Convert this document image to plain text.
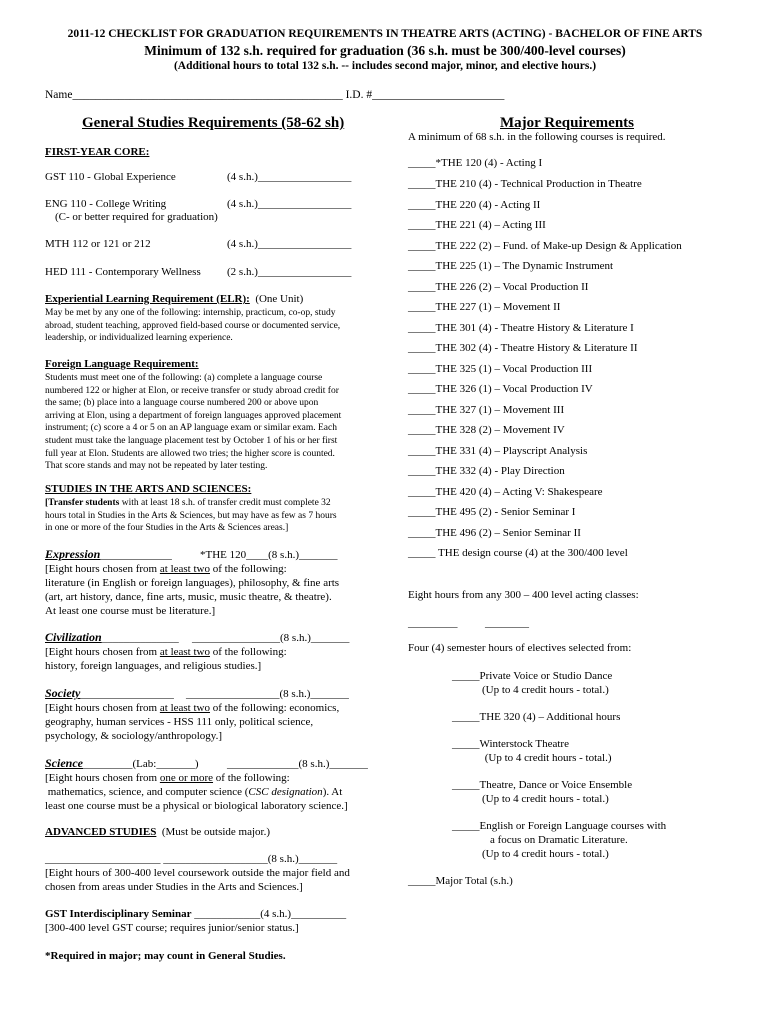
2011-12 CHECKLIST FOR GRADUATION REQUIREMENTS IN THEATRE ARTS (ACTING) - BACHELOR OF FINE ARTS
Minimum of 132 s.h. required for graduation (36 s.h. must be 300/400-level courses)
(Additional hours to total 132 s.h. -- includes second major, minor, and elective hours.)
Name_______________________________________________ I.D. #_______________________
General Studies Requirements (58-62 sh)
FIRST-YEAR CORE:
GST 110 - Global Experience	(4 s.h.)_________________
ENG 110 - College Writing	(4 s.h.)_________________
(C- or better required for graduation)
MTH 112 or 121 or 212	(4 s.h.)_________________
HED 111 - Contemporary Wellness (2 s.h.)_________________
Experiential Learning Requirement (ELR): (One Unit)
May be met by any one of the following: internship, practicum, co-op, study
abroad, student teaching, approved field-based course or documented service,
leadership, or individualized learning experience.
Foreign Language Requirement:
Students must meet one of the following: (a) complete a language course
numbered 122 or higher at Elon, or receive transfer or study abroad credit for
the same; (b) place into a language course numbered 200 or above upon
arriving at Elon, using a department of foreign languages approved placement
instrument; (c) score a 4 or 5 on an AP language exam or similar exam. Each
student must take the language placement test by October 1 of his or her first
full year at Elon. Students are allowed two tries; the higher score is counted.
That score stands and may not be repeated by later testing.
STUDIES IN THE ARTS AND SCIENCES:
[Transfer students with at least 18 s.h. of transfer credit must complete 32
hours total in Studies in the Arts & Sciences, but may have as few as 7 hours
in one or more of the four Studies in the Arts & Sciences areas.]
Expression_____________	*THE 120____(8 s.h.)_______
[Eight hours chosen from at least two of the following:
literature (in English or foreign languages), philosophy, & fine arts
(art, art history, dance, fine arts, music, music theatre, & theatre).
At least one course must be literature.]
Civilization______________ ________________(8 s.h.)_______
[Eight hours chosen from at least two of the following:
history, foreign languages, and religious studies.]
Society_________________ _________________(8 s.h.)_______
[Eight hours chosen from at least two of the following: economics,
geography, human services - HSS 111 only, political science,
psychology, & sociology/anthropology.]
Science_________(Lab:_______)	_____________(8 s.h.)_______
[Eight hours chosen from one or more of the following:
mathematics, science, and computer science (CSC designation). At
least one course must be a physical or biological laboratory science.]
ADVANCED STUDIES (Must be outside major.)
_____________________ ___________________(8 s.h.)_______
[Eight hours of 300-400 level coursework outside the major field and
chosen from areas under Studies in the Arts and Sciences.]
GST Interdisciplinary Seminar ____________(4 s.h.)__________
[300-400 level GST course; requires junior/senior status.]
*Required in major; may count in General Studies.
Major Requirements
A minimum of 68 s.h. in the following courses is required.
_____*THE 120 (4) - Acting I
_____THE 210 (4) - Technical Production in Theatre
_____THE 220 (4) - Acting II
_____THE 221 (4) – Acting III
_____THE 222 (2) – Fund. of Make-up Design & Application
_____THE 225 (1) – The Dynamic Instrument
_____THE 226 (2) – Vocal Production II
_____THE 227 (1) – Movement II
_____THE 301 (4) - Theatre History & Literature I
_____THE 302 (4) - Theatre History & Literature II
_____THE 325 (1) – Vocal Production III
_____THE 326 (1) – Vocal Production IV
_____THE 327 (1) – Movement III
_____THE 328 (2) – Movement IV
_____THE 331 (4) – Playscript Analysis
_____THE 332 (4) - Play Direction
_____THE 420 (4) – Acting V: Shakespeare
_____THE 495 (2) - Senior Seminar I
_____THE 496 (2) – Senior Seminar II
_____ THE design course (4) at the 300/400 level
Eight hours from any 300 – 400 level acting classes:
_________          ________
Four (4) semester hours of electives selected from:
_____Private Voice or Studio Dance
(Up to 4 credit hours - total.)
_____THE 320 (4) – Additional hours
_____Winterstock Theatre
(Up to 4 credit hours - total.)
_____Theatre, Dance or Voice Ensemble
(Up to 4 credit hours - total.)
_____English or Foreign Language courses with
a focus on Dramatic Literature.
(Up to 4 credit hours - total.)
_____Major Total (s.h.)
